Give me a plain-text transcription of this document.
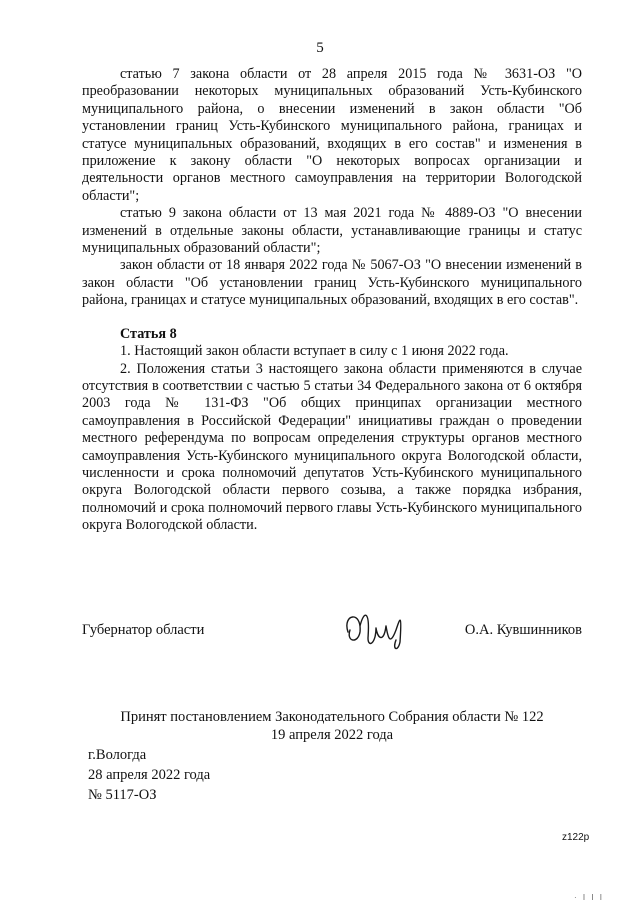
5

статью 7 закона области от 28 апреля 2015 года № 3631-ОЗ "О преобразовании некоторых муниципальных образований Усть-Кубинского муниципального района, о внесении изменений в закон области "Об установлении границ Усть-Кубинского муниципального района, границах и статусе муниципальных образований, входящих в его состав" и изменения в приложение к закону области "О некоторых вопросах организации и деятельности органов местного самоуправления на территории Вологодской области";

статью 9 закона области от 13 мая 2021 года № 4889-ОЗ "О внесении изменений в отдельные законы области, устанавливающие границы и статус муниципальных образований области";

закон области от 18 января 2022 года № 5067-ОЗ "О внесении изменений в закон области "Об установлении границ Усть-Кубинского муниципального района, границах и статусе муниципальных образований, входящих в его состав".

Статья 8

1. Настоящий закон области вступает в силу с 1 июня 2022 года.

2. Положения статьи 3 настоящего закона области применяются в случае отсутствия в соответствии с частью 5 статьи 34 Федерального закона от 6 октября 2003 года № 131-ФЗ "Об общих принципах организации местного самоуправления в Российской Федерации" инициативы граждан о проведении местного референдума по вопросам определения структуры органов местного самоуправления Усть-Кубинского муниципального округа Вологодской области, численности и срока полномочий депутатов Усть-Кубинского муниципального округа Вологодской области первого созыва, а также порядка избрания, полномочий и срока полномочий первого главы Усть-Кубинского муниципального округа Вологодской области.

Губернатор области	О.А. Кувшинников
Принят постановлением Законодательного Собрания области № 122
19 апреля 2022 года
г.Вологда
28 апреля 2022 года
№ 5117-ОЗ
z122p
· I I I
